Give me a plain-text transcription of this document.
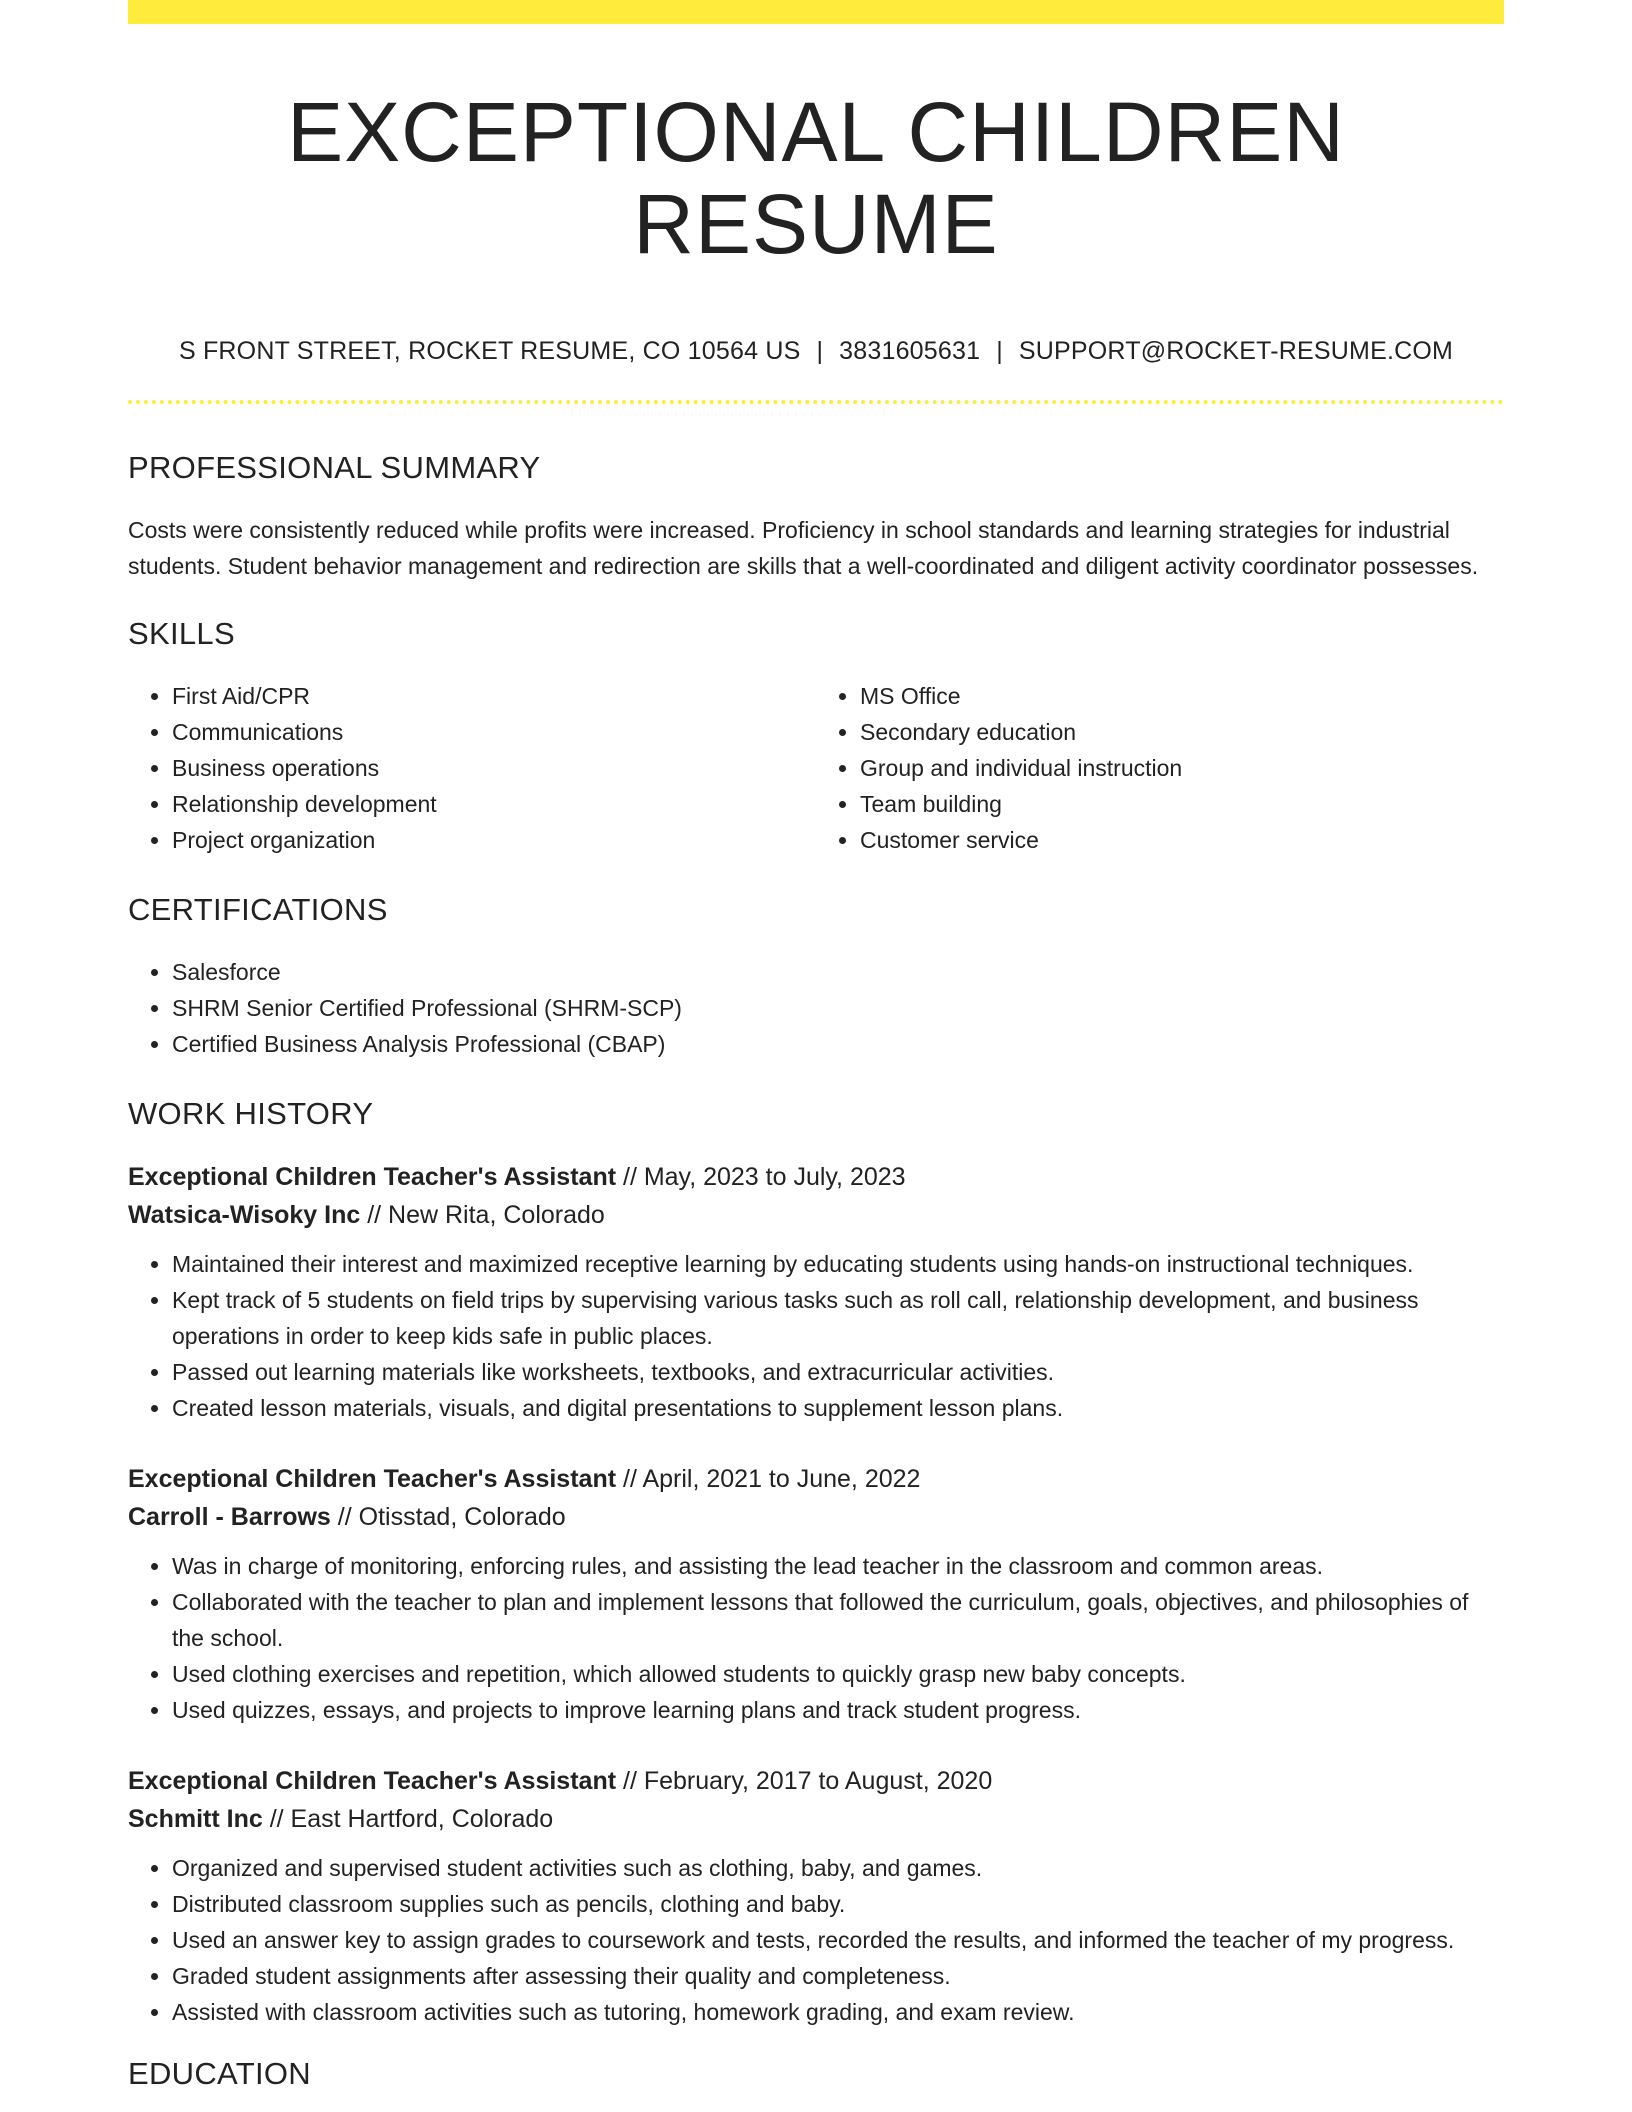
EXCEPTIONAL CHILDREN RESUME
S FRONT STREET, ROCKET RESUME, CO 10564 US | 3831605631 | SUPPORT@ROCKET-RESUME.COM
PROFESSIONAL SUMMARY

Costs were consistently reduced while profits were increased. Proficiency in school standards and learning strategies for industrial students. Student behavior management and redirection are skills that a well-coordinated and diligent activity coordinator possesses.

SKILLS
• First Aid/CPR
• Communications
• Business operations
• Relationship development
• Project organization
• MS Office
• Secondary education
• Group and individual instruction
• Team building
• Customer service
CERTIFICATIONS
• Salesforce
• SHRM Senior Certified Professional (SHRM-SCP)
• Certified Business Analysis Professional (CBAP)
WORK HISTORY
Exceptional Children Teacher's Assistant // May, 2023 to July, 2023
Watsica-Wisoky Inc // New Rita, Colorado
• Maintained their interest and maximized receptive learning by educating students using hands-on instructional techniques.
• Kept track of 5 students on field trips by supervising various tasks such as roll call, relationship development, and business operations in order to keep kids safe in public places.
• Passed out learning materials like worksheets, textbooks, and extracurricular activities.
• Created lesson materials, visuals, and digital presentations to supplement lesson plans.
Exceptional Children Teacher's Assistant // April, 2021 to June, 2022
Carroll - Barrows // Otisstad, Colorado
• Was in charge of monitoring, enforcing rules, and assisting the lead teacher in the classroom and common areas.
• Collaborated with the teacher to plan and implement lessons that followed the curriculum, goals, objectives, and philosophies of the school.
• Used clothing exercises and repetition, which allowed students to quickly grasp new baby concepts.
• Used quizzes, essays, and projects to improve learning plans and track student progress.
Exceptional Children Teacher's Assistant // February, 2017 to August, 2020
Schmitt Inc // East Hartford, Colorado
• Organized and supervised student activities such as clothing, baby, and games.
• Distributed classroom supplies such as pencils, clothing and baby.
• Used an answer key to assign grades to coursework and tests, recorded the results, and informed the teacher of my progress.
• Graded student assignments after assessing their quality and completeness.
• Assisted with classroom activities such as tutoring, homework grading, and exam review.
EDUCATION
